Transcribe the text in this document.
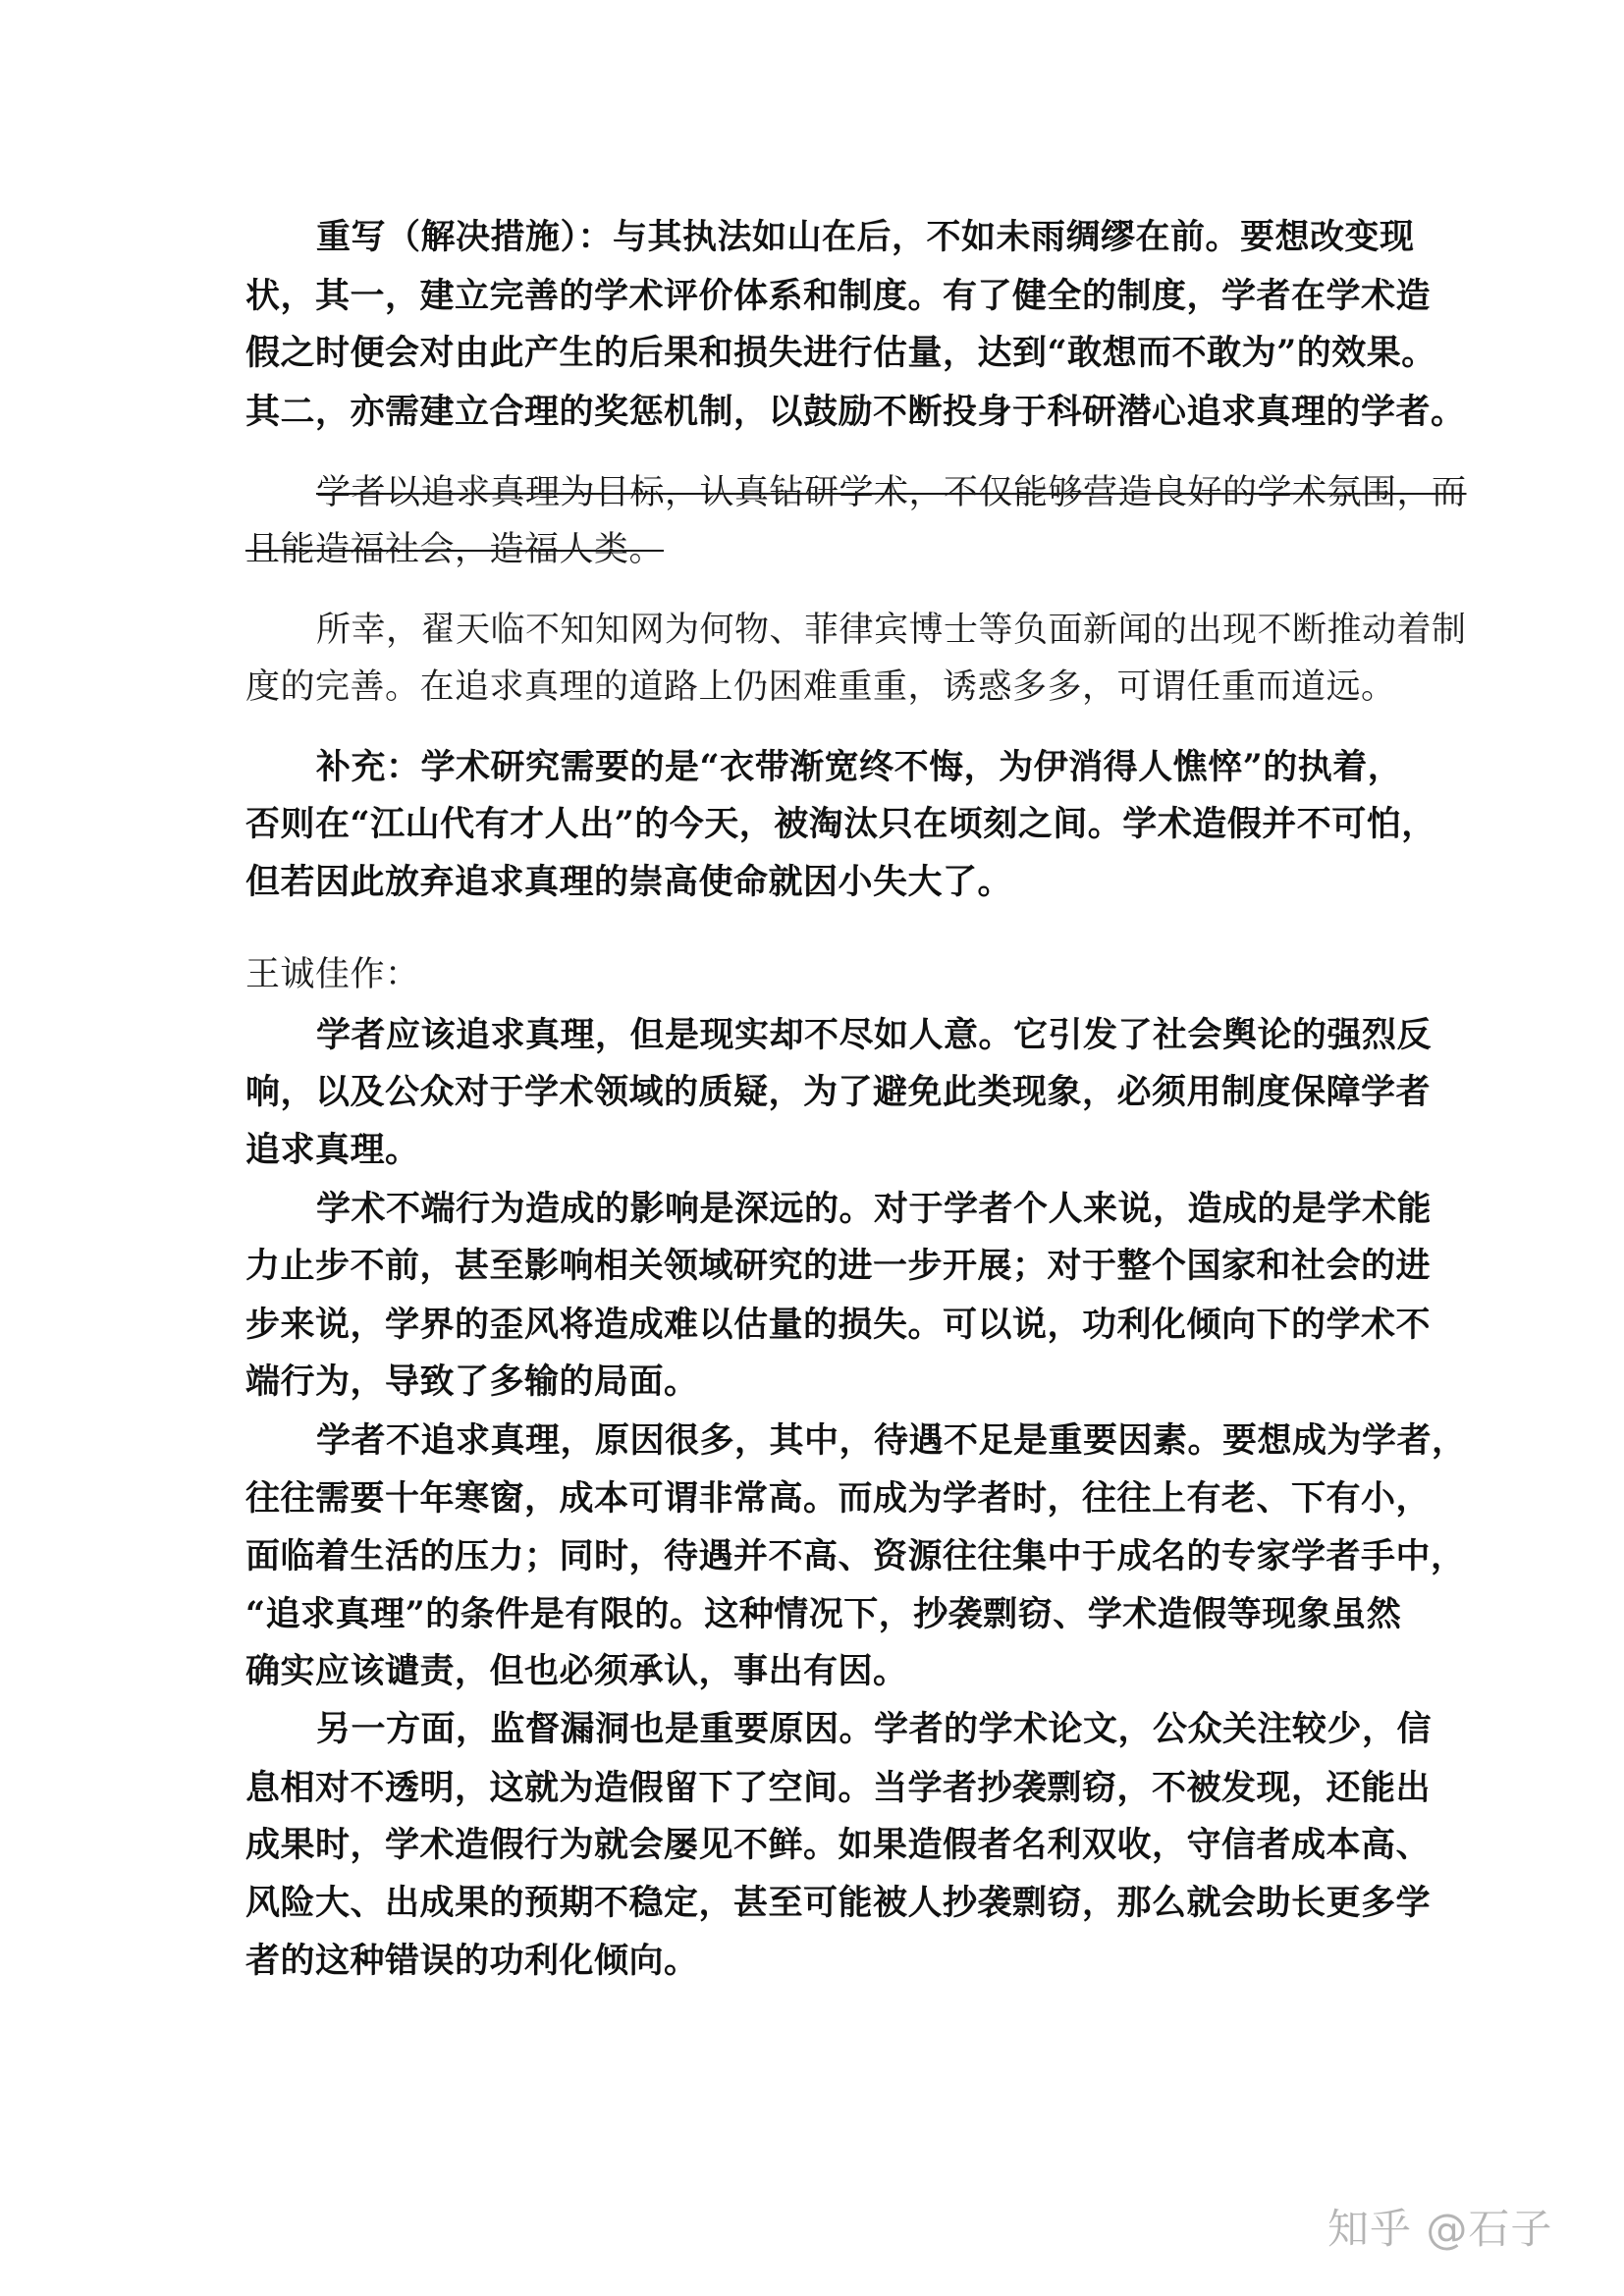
重写（解决措施）：与其执法如山在后，不如未雨绸缪在前。要想改变现
状，其一，建立完善的学术评价体系和制度。有了健全的制度，学者在学术造
假之时便会对由此产生的后果和损失进行估量，达到“敢想而不敢为”的效果。
其二，亦需建立合理的奖惩机制，以鼓励不断投身于科研潜心追求真理的学者。
学者以追求真理为目标，认真钻研学术，不仅能够营造良好的学术氛围，而
且能造福社会，造福人类。
所幸，翟天临不知知网为何物、菲律宾博士等负面新闻的出现不断推动着制
度的完善。在追求真理的道路上仍困难重重，诱惑多多，可谓任重而道远。
补充：学术研究需要的是“衣带渐宽终不悔，为伊消得人憔悴”的执着，
否则在“江山代有才人出”的今天，被淘汰只在顷刻之间。学术造假并不可怕，
但若因此放弃追求真理的崇高使命就因小失大了。
王诚佳作：
学者应该追求真理，但是现实却不尽如人意。它引发了社会舆论的强烈反
响，以及公众对于学术领域的质疑，为了避免此类现象，必须用制度保障学者
追求真理。
学术不端行为造成的影响是深远的。对于学者个人来说，造成的是学术能
力止步不前，甚至影响相关领域研究的进一步开展；对于整个国家和社会的进
步来说，学界的歪风将造成难以估量的损失。可以说，功利化倾向下的学术不
端行为，导致了多输的局面。
学者不追求真理，原因很多，其中，待遇不足是重要因素。要想成为学者，
往往需要十年寒窗，成本可谓非常高。而成为学者时，往往上有老、下有小，
面临着生活的压力；同时，待遇并不高、资源往往集中于成名的专家学者手中，
“追求真理”的条件是有限的。这种情况下，抄袭剽窃、学术造假等现象虽然
确实应该谴责，但也必须承认，事出有因。
另一方面，监督漏洞也是重要原因。学者的学术论文，公众关注较少，信
息相对不透明，这就为造假留下了空间。当学者抄袭剽窃，不被发现，还能出
成果时，学术造假行为就会屡见不鲜。如果造假者名利双收，守信者成本高、
风险大、出成果的预期不稳定，甚至可能被人抄袭剽窃，那么就会助长更多学
者的这种错误的功利化倾向。
知乎 @石子
